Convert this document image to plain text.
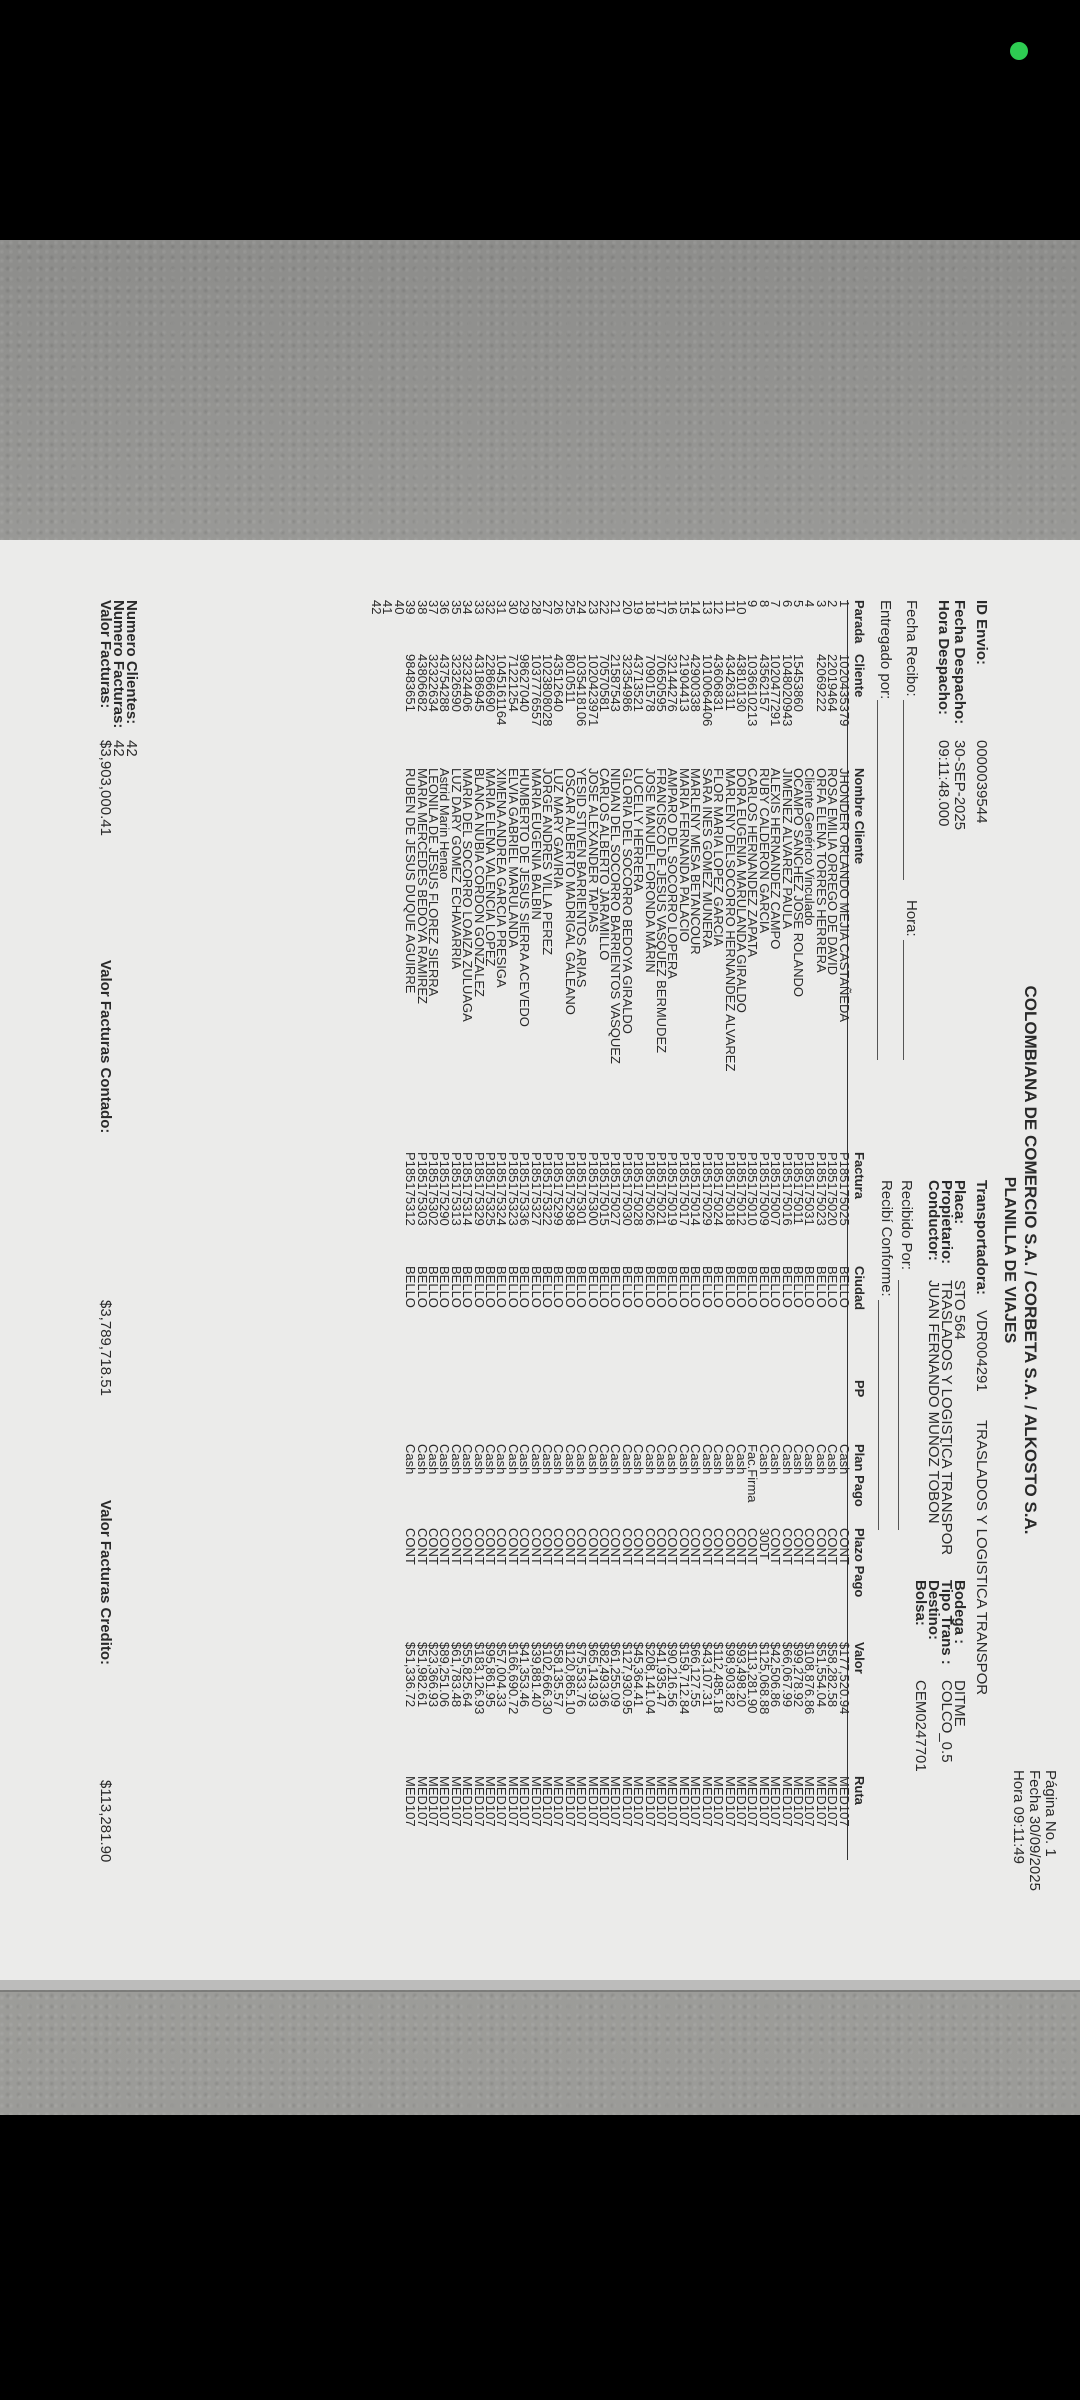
COLOMBIANA DE COMERCIO S.A. / CORBETA S.A. / ALKOSTO S.A.
PLANILLA DE VIAJES
Página No. 1
Fecha 30/09/2025
Hora 09:11:49
ID Envio:
0000039544
Fecha Despacho:
30-SEP-2025
Hora Despacho:
09:11:48.000
Fecha Recibo:
Hora:
Entregado por:
Transportadora:
VDR004291
TRASLADOS Y LOGISTICA TRANSPOR
Placa:
STO 564
Propietario:
TRASLADOS Y LOGISTICA TRANSPOR
Conductor:
JUAN FERNANDO MUÑOZ TOBON
Recibido Por:
Recibí Conforme:
Bodega :
DITME
Tipo Trans :
COLCO_0.5
Destino:
Bolsa:
CEM0247701
Parada	Cliente	Nombre Cliente	Factura	Ciudad	PP	Plan Pago	Plazo Pago	Valor	Ruta
1	1020435379	JHONDER ORLANDO MEJIA CASTAÑEDA	P185175025	BELLO		Cash	CONT	$177,520.94	MED107
2	22019464	ROSA EMILIA ORREGO DE DAVID	P185175020	BELLO		Cash	CONT	$58,282.58	MED107
3	42069222	ORFA ELENA TORRES HERRERA	P185175023	BELLO		Cash	CONT	$51,554.04	MED107
4		Cliente Genérico Vinculado	P185175031	BELLO		Cash	CONT	$108,876.86	MED107
5	15453860	OCAMPO SANCHEZ JOSE ROLANDO	P185175011	BELLO		Cash	CONT	$99,278.92	MED107
6	1048020943	JIMENEZ ALVAREZ PAULA	P185175016	BELLO		Cash	CONT	$66,067.99	MED107
7	1020477291	ALEXIS HERNANDEZ CAMPO	P185175007	BELLO		Cash	CONT	$42,506.86	MED107
8	43562157	RUBY CALDERON GARCIA	P185175009	BELLO		Cash	30DT	$125,068.88	MED107
9	1036610213	CARLOS HERNANDEZ ZAPATA	P185175010	BELLO		Fac.Firma	CONT	$113,281.90	MED107
10	43810130	DORA EUGENIA MARULANDA GIRALDO	P185175012	BELLO		Cash	CONT	$93,498.20	MED107
11	43426311	MARLENY DELSOCORRO HERNANDEZ ALVAREZ	P185175018	BELLO		Cash	CONT	$98,903.82	MED107
12	43606831	FLOR MARIA LOPEZ GARCIA	P185175024	BELLO		Cash	CONT	$112,485.18	MED107
13	1010064406	SARA INES GOMEZ MUNERA	P185175029	BELLO		Cash	CONT	$43,107.31	MED107
14	42900338	MARLENY MESA BETANCOUR	P185175014	BELLO		Cash	CONT	$66,127.55	MED107
15	21904413	MARIA FERNANDA PALACIO	P185175017	BELLO		Cash	CONT	$159,712.84	MED107
16	32144276	AMPARO DEL SOCORRO LOPERA	P185175019	BELLO		Cash	CONT	$90,216.56	MED107
17	70650595	FRANCISCO DE JESUS VASQUEZ BERMUDEZ	P185175021	BELLO		Cash	CONT	$41,935.47	MED107
18	70901578	JOSE MANUEL FORONDA MARIN	P185175026	BELLO		Cash	CONT	$208,141.04	MED107
19	43713521	LUCELLY HERRERA	P185175028	BELLO		Cash	CONT	$45,364.41	MED107
20	32354986	GLORIA DEL SOCORRO BEDOYA GIRALDO	P185175030	BELLO		Cash	CONT	$127,930.95	MED107
21	21587543	NIDIAN DEL SOCORRO BARRIENTOS VASQUEZ	P185175027	BELLO		Cash	CONT	$61,255.09	MED107
22	70570581	CARLOS ALBERTO JARAMILLO	P185175015	BELLO		Cash	CONT	$82,493.36	MED107
23	1020423971	JOSE ALEXANDER TAPIAS	P185175300	BELLO		Cash	CONT	$65,143.93	MED107
24	1035418106	YESID STIVEN BARRIENTOS ARIAS	P185175301	BELLO		Cash	CONT	$75,533.76	MED107
25	8010511	OSCAR ALBERTO MADRIGAL GALEANO	P185175298	BELLO		Cash	CONT	$120,865.10	MED107
26	43512640	LUZ MARY GAVIRIA	P185175299	BELLO		Cash	CONT	$58,135.57	MED107
27	1023808028	JORGE ANDRES VILLA PEREZ	P185175322	BELLO		Cash	CONT	$102,666.30	MED107
28	1037776557	MARIA EUGENIA BALBIN	P185175327	BELLO		Cash	CONT	$39,881.40	MED107
29	98627040	HUMBERTO DE JESUS SIERRA ACEVEDO	P185175336	BELLO		Cash	CONT	$41,353.46	MED107
30	71221254	ELVIA GABRIEL MARULANDA	P185175323	BELLO		Cash	CONT	$166,690.72	MED107
31	1045161164	XIMENA ANDREA GARCIA PRESIGA	P185175324	BELLO		Cash	CONT	$57,004.33	MED107
32	22866690	MARIA ELENA VALENCIA LOPEZ	P185175325	BELLO		Cash	CONT	$95,861.95	MED107
33	43186945	BLANCA NUBIA CORDON GONZALEZ	P185175329	BELLO		Cash	CONT	$183,126.93	MED107
34	32324406	MARIA DEL SOCORRO LOAIZA ZULUAGA	P185175314	BELLO		Cash	CONT	$55,825.64	MED107
35	32326590	LUZ DARY GOMEZ ECHAVARRIA	P185175313	BELLO		Cash	CONT	$61,783.48	MED107
36	43754288	Astrid Marin Henao	P185175290	BELLO		Cash	CONT	$89,251.06	MED107
37	32322634	LEONILA DE JESUS FLOREZ SIERRA	P185175302	BELLO		Cash	CONT	$23,366.93	MED107
38	43806682	MARIA MERCEDES BEDOYA RAMIREZ	P185175303	BELLO		Cash	CONT	$51,982.61	MED107
39	98483651	RUBEN DE JESUS DUQUE AGUIRRE	P185175312	BELLO		Cash	CONT	$51,336.72	MED107
40									
41									
42									
Numero Clientes:
42
Numero Facturas:
42
Valor Facturas:
$3,903,000.41
Valor Facturas Contado:
$3,789,718.51
Valor Facturas Credito:
$113,281.90
